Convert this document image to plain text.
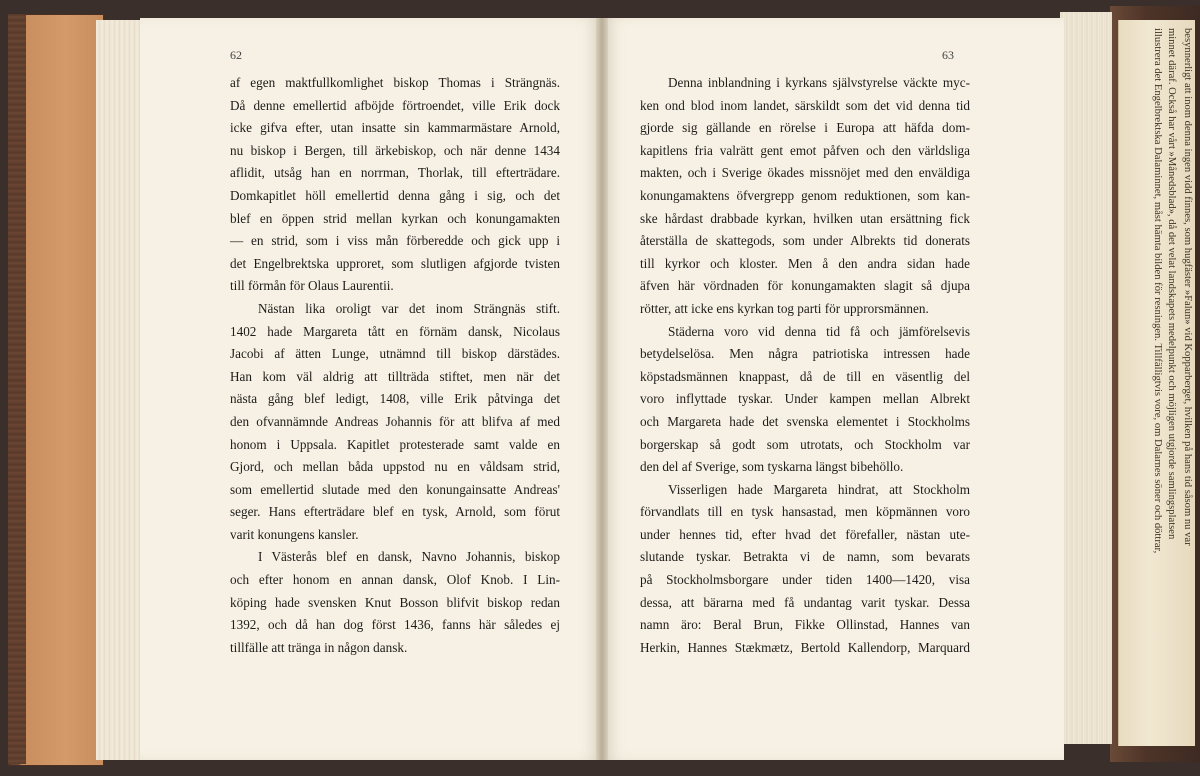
62
af egen maktfullkomlighet biskop Thomas i Strängnäs.
Då denne emellertid afböjde förtroendet, ville Erik dock
icke gifva efter, utan insatte sin kammarmästare Arnold,
nu biskop i Bergen, till ärkebiskop, och när denne 1434
aflidit, utsåg han en norrman, Thorlak, till efterträdare.
Domkapitlet höll emellertid denna gång i sig, och det
blef en öppen strid mellan kyrkan och konungamakten
— en strid, som i viss mån förberedde och gick upp i
det Engelbrektska upproret, som slutligen afgjorde tvisten
till förmån för Olaus Laurentii.
Nästan lika oroligt var det inom Strängnäs stift.
1402 hade Margareta tått en förnäm dansk, Nicolaus
Jacobi af ätten Lunge, utnämnd till biskop därstädes.
Han kom väl aldrig att tillträda stiftet, men när det
nästa gång blef ledigt, 1408, ville Erik påtvinga det
den ofvannämnde Andreas Johannis för att blifva af med
honom i Uppsala. Kapitlet protesterade samt valde en
Gjord, och mellan båda uppstod nu en våldsam strid,
som emellertid slutade med den konungainsatte Andreas'
seger. Hans efterträdare blef en tysk, Arnold, som förut
varit konungens kansler.
I Västerås blef en dansk, Navno Johannis, biskop
och efter honom en annan dansk, Olof Knob. I Lin-
köping hade svensken Knut Bosson blifvit biskop redan
1392, och då han dog först 1436, fanns här således ej
tillfälle att tränga in någon dansk.
63
Denna inblandning i kyrkans självstyrelse väckte myc-
ken ond blod inom landet, särskildt som det vid denna tid
gjorde sig gällande en rörelse i Europa att häfda dom-
kapitlens fria valrätt gent emot påfven och den världsliga
makten, och i Sverige ökades missnöjet med den enväldiga
konungamaktens öfvergrepp genom reduktionen, som kan-
ske hårdast drabbade kyrkan, hvilken utan ersättning fick
återställa de skattegods, som under Albrekts tid donerats
till kyrkor och kloster. Men å den andra sidan hade
äfven här vördnaden för konungamakten slagit så djupa
rötter, att icke ens kyrkan tog parti för upprorsmännen.
Städerna voro vid denna tid få och jämförelsevis
betydelselösa. Men några patriotiska intressen hade
köpstadsmännen knappast, då de till en väsentlig del
voro inflyttade tyskar. Under kampen mellan Albrekt
och Margareta hade det svenska elementet i Stockholms
borgerskap så godt som utrotats, och Stockholm var
den del af Sverige, som tyskarna längst bibehöllo.
Visserligen hade Margareta hindrat, att Stockholm
förvandlats till en tysk hansastad, men köpmännen voro
under hennes tid, efter hvad det förefaller, nästan ute-
slutande tyskar. Betrakta vi de namn, som bevarats
på Stockholmsborgare under tiden 1400—1420, visa
dessa, att bärarna med få undantag varit tyskar. Dessa
namn äro: Beral Brun, Fikke Ollinstad, Hannes van
Herkin, Hannes Stækmætz, Bertold Kallendorp, Marquard
besynnerligt att inom denna ingen vidd finnes, som hugfäster »Falun» vid Kopparberget, hvilken på hans tid såsom nu var
minnet däraf. Också har vårt »Månedsblad», då det velat landskapets medelpunkt och möjligen utgjorde samlingsplatsen
illustrera det Engelbrektska Dalaminnet, måst hämta bilden för resningen. Tillfälligtvis vore, om Dalarnes söner och döttrar,
